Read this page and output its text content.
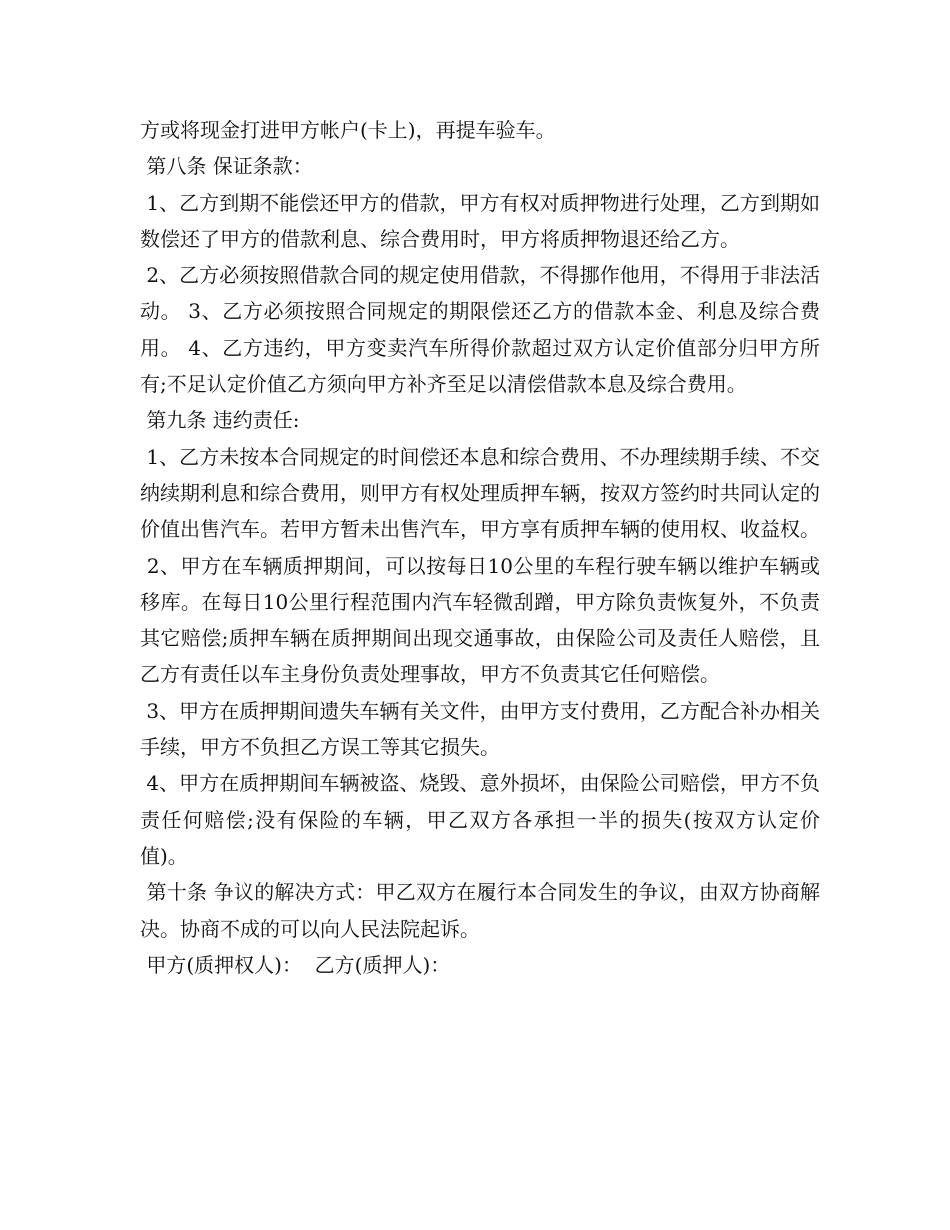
方或将现金打进甲方帐户(卡上)，再提车验车。

第八条 保证条款：

1、乙方到期不能偿还甲方的借款，甲方有权对质押物进行处理，乙方到期如数偿还了甲方的借款利息、综合费用时，甲方将质押物退还给乙方。

2、乙方必须按照借款合同的规定使用借款，不得挪作他用，不得用于非法活动。 3、乙方必须按照合同规定的期限偿还乙方的借款本金、利息及综合费用。 4、乙方违约，甲方变卖汽车所得价款超过双方认定价值部分归甲方所有;不足认定价值乙方须向甲方补齐至足以清偿借款本息及综合费用。

第九条 违约责任:

1、乙方未按本合同规定的时间偿还本息和综合费用、不办理续期手续、不交纳续期利息和综合费用，则甲方有权处理质押车辆，按双方签约时共同认定的价值出售汽车。若甲方暂未出售汽车，甲方享有质押车辆的使用权、收益权。

2、甲方在车辆质押期间，可以按每日10公里的车程行驶车辆以维护车辆或移库。在每日10公里行程范围内汽车轻微刮蹭，甲方除负责恢复外，不负责其它赔偿;质押车辆在质押期间出现交通事故，由保险公司及责任人赔偿，且乙方有责任以车主身份负责处理事故，甲方不负责其它任何赔偿。

3、甲方在质押期间遗失车辆有关文件，由甲方支付费用，乙方配合补办相关手续，甲方不负担乙方误工等其它损失。

4、甲方在质押期间车辆被盗、烧毁、意外损坏，由保险公司赔偿，甲方不负责任何赔偿;没有保险的车辆，甲乙双方各承担一半的损失(按双方认定价值)。

第十条 争议的解决方式：甲乙双方在履行本合同发生的争议，由双方协商解决。协商不成的可以向人民法院起诉。

甲方(质押权人)：  乙方(质押人)：
